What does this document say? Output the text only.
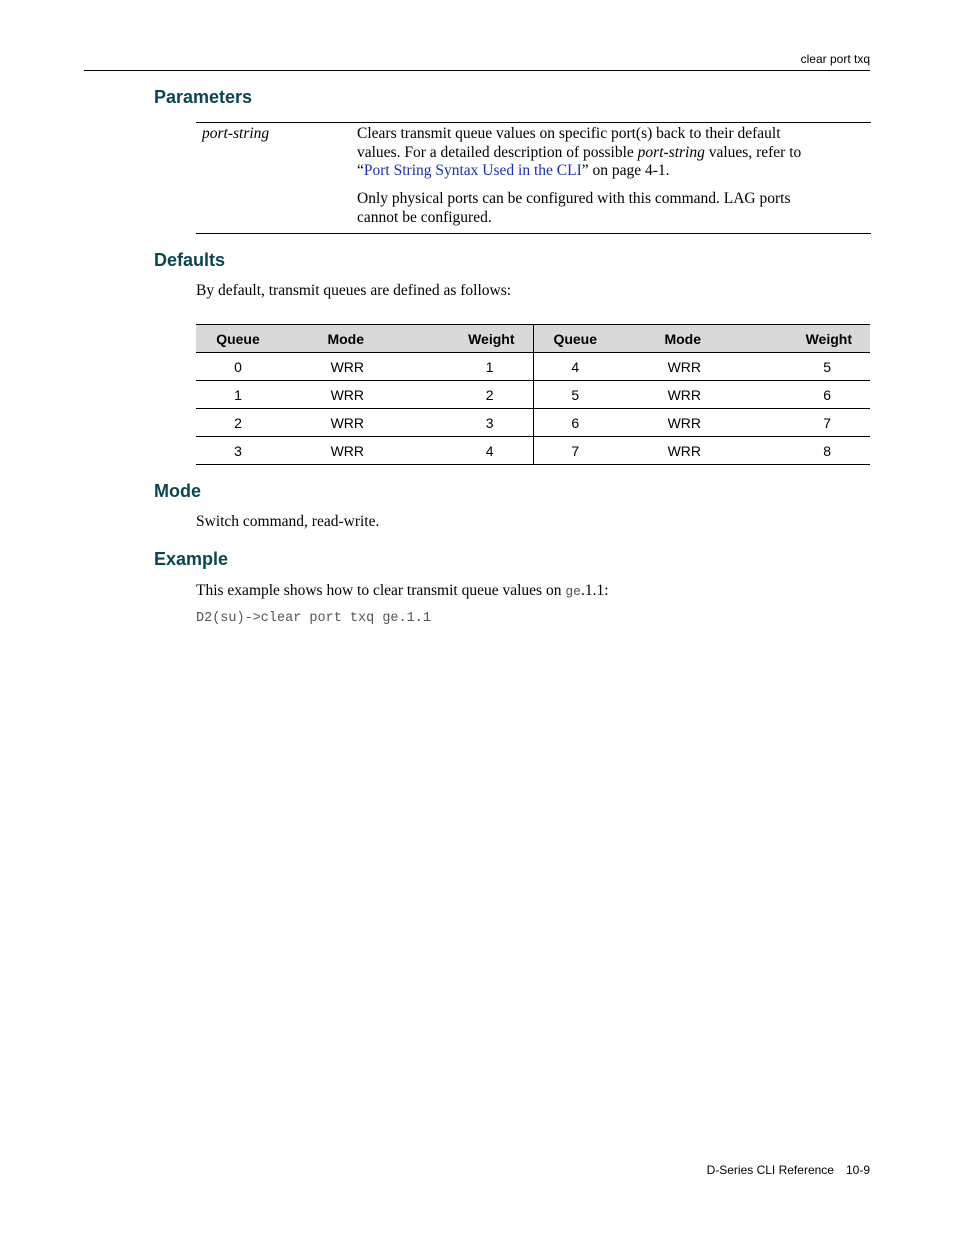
clear port txq
Parameters
port-string	Clears transmit queue values on specific port(s) back to their default
values. For a detailed description of possible port-string values, refer to
“Port String Syntax Used in the CLI” on page 4-1.
Only physical ports can be configured with this command. LAG ports
cannot be configured.
Defaults
By default, transmit queues are defined as follows:
Queue	Mode	Weight	Queue	Mode	Weight
0	WRR	1	4	WRR	5
1	WRR	2	5	WRR	6
2	WRR	3	6	WRR	7
3	WRR	4	7	WRR	8
Mode
Switch command, read-write.
Example
This example shows how to clear transmit queue values on ge.1.1:
D2(su)->clear port txq ge.1.1
D-Series CLI Reference 10-9
